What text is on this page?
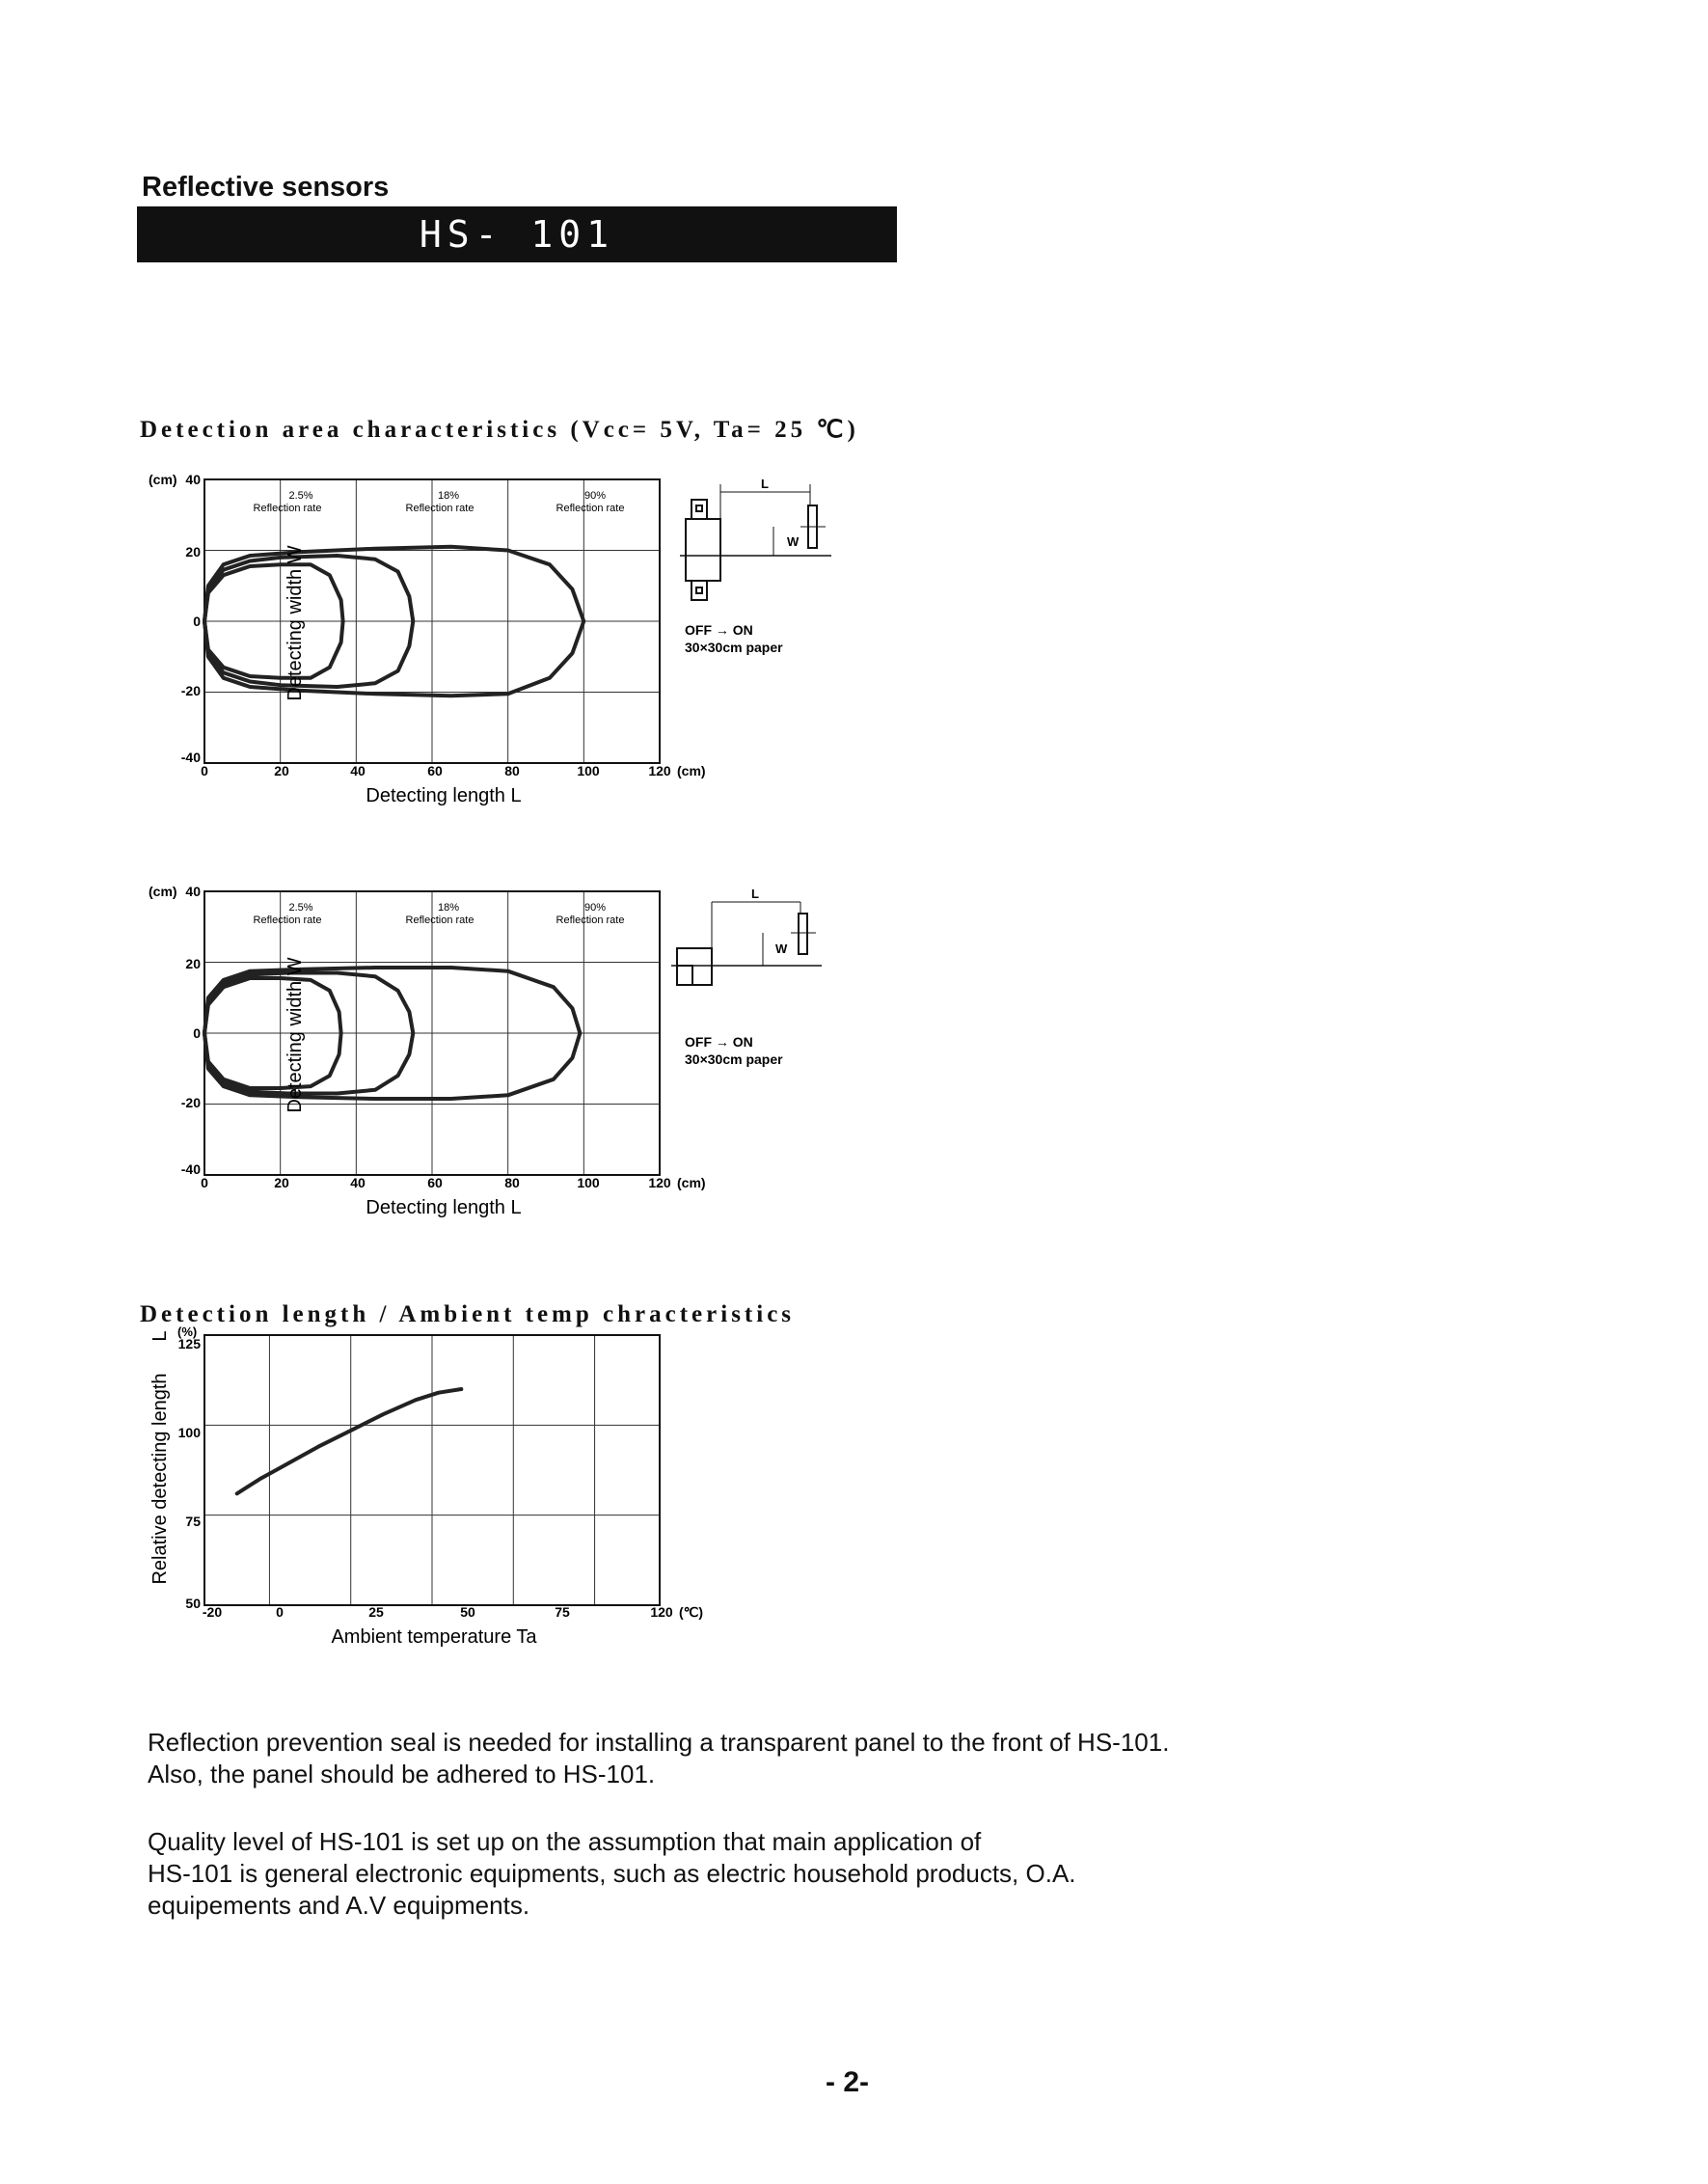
Reflective sensors
HS- 101
Detection area characteristics (Vcc= 5V, Ta= 25 ℃)
(cm)
(cm)
40
20
0
-20
-40
0	20	40	60	80	100	120
Detecting length L
Detecting width W
2.5%
Reflection rate
18%
Reflection rate
90%
Reflection rate
L
W
OFF → ON
30×30cm paper
(cm)
(cm)
40
20
0
-20
-40
0	20	40	60	80	100	120
Detecting length L
Detecting width W
2.5%
Reflection rate
18%
Reflection rate
90%
Reflection rate
L
W
OFF → ON
30×30cm paper
Detection length / Ambient temp chracteristics
(%)
L
(℃)
125
100
75
50
-20	0	25	50	75	120
Ambient temperature Ta
Relative detecting length
Reflection prevention seal is needed for installing a transparent panel to the front of HS-101.
Also, the panel should be adhered to HS-101.
Quality level of HS-101 is set up on the assumption that main application of
HS-101 is general electronic equipments, such as electric household products, O.A.
equipements and A.V equipments.
- 2-
